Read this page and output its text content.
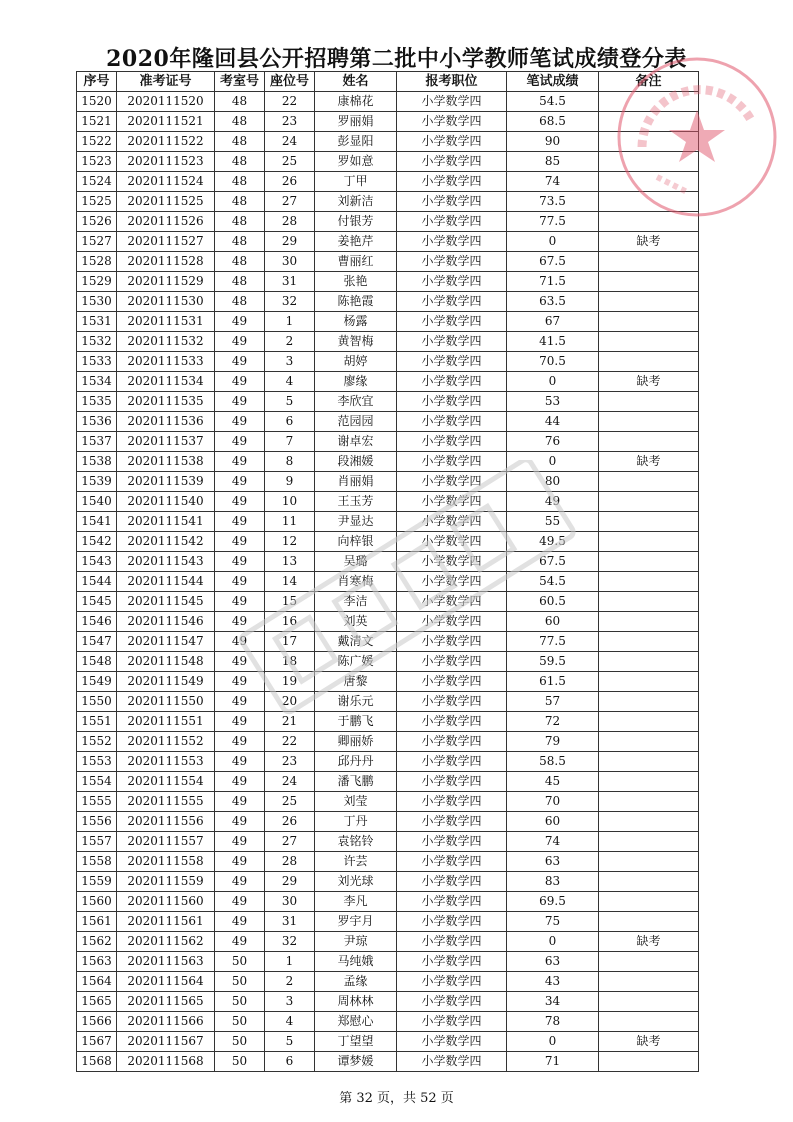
2020年隆回县公开招聘第二批中小学教师笔试成绩登分表
序号	准考证号	考室号	座位号	姓名	报考职位	笔试成绩	备注
1520	2020111520	48	22	康棉花	小学数学四	54.5	
1521	2020111521	48	23	罗丽娟	小学数学四	68.5	
1522	2020111522	48	24	彭显阳	小学数学四	90	
1523	2020111523	48	25	罗如意	小学数学四	85	
1524	2020111524	48	26	丁甲	小学数学四	74	
1525	2020111525	48	27	刘新洁	小学数学四	73.5	
1526	2020111526	48	28	付银芳	小学数学四	77.5	
1527	2020111527	48	29	姜艳芹	小学数学四	0	缺考
1528	2020111528	48	30	曹丽红	小学数学四	67.5	
1529	2020111529	48	31	张艳	小学数学四	71.5	
1530	2020111530	48	32	陈艳霞	小学数学四	63.5	
1531	2020111531	49	1	杨露	小学数学四	67	
1532	2020111532	49	2	黄智梅	小学数学四	41.5	
1533	2020111533	49	3	胡婷	小学数学四	70.5	
1534	2020111534	49	4	廖缘	小学数学四	0	缺考
1535	2020111535	49	5	李欣宜	小学数学四	53	
1536	2020111536	49	6	范园园	小学数学四	44	
1537	2020111537	49	7	谢卓宏	小学数学四	76	
1538	2020111538	49	8	段湘媛	小学数学四	0	缺考
1539	2020111539	49	9	肖丽娟	小学数学四	80	
1540	2020111540	49	10	王玉芳	小学数学四	49	
1541	2020111541	49	11	尹显达	小学数学四	55	
1542	2020111542	49	12	向梓银	小学数学四	49.5	
1543	2020111543	49	13	吴璐	小学数学四	67.5	
1544	2020111544	49	14	肖寒梅	小学数学四	54.5	
1545	2020111545	49	15	李洁	小学数学四	60.5	
1546	2020111546	49	16	刘英	小学数学四	60	
1547	2020111547	49	17	戴清文	小学数学四	77.5	
1548	2020111548	49	18	陈广媛	小学数学四	59.5	
1549	2020111549	49	19	唐黎	小学数学四	61.5	
1550	2020111550	49	20	谢乐元	小学数学四	57	
1551	2020111551	49	21	于鹏飞	小学数学四	72	
1552	2020111552	49	22	卿丽娇	小学数学四	79	
1553	2020111553	49	23	邱丹丹	小学数学四	58.5	
1554	2020111554	49	24	潘飞鹏	小学数学四	45	
1555	2020111555	49	25	刘莹	小学数学四	70	
1556	2020111556	49	26	丁丹	小学数学四	60	
1557	2020111557	49	27	袁铭铃	小学数学四	74	
1558	2020111558	49	28	许芸	小学数学四	63	
1559	2020111559	49	29	刘光球	小学数学四	83	
1560	2020111560	49	30	李凡	小学数学四	69.5	
1561	2020111561	49	31	罗宇月	小学数学四	75	
1562	2020111562	49	32	尹琼	小学数学四	0	缺考
1563	2020111563	50	1	马纯娥	小学数学四	63	
1564	2020111564	50	2	孟缘	小学数学四	43	
1565	2020111565	50	3	周林林	小学数学四	34	
1566	2020111566	50	4	郑慰心	小学数学四	78	
1567	2020111567	50	5	丁望望	小学数学四	0	缺考
1568	2020111568	50	6	谭梦媛	小学数学四	71	
第 32 页，共 52 页
